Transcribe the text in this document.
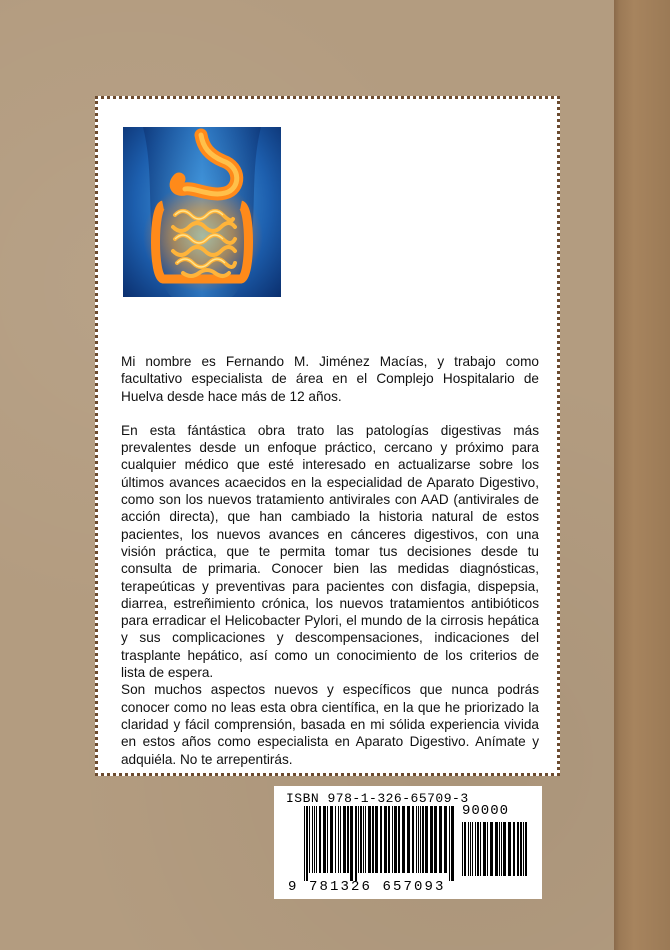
Mi nombre es Fernando M. Jiménez Macías, y trabajo como facultativo especialista de área en el Complejo Hospitalario de Huelva desde hace más de 12 años.

En esta fántástica obra trato las patologías digestivas más prevalentes desde un enfoque práctico, cercano y próximo para cualquier médico que esté interesado en actualizarse sobre los últimos avances acaecidos en la especialidad de Aparato Digestivo, como son los nuevos tratamiento antivirales con AAD (antivirales de acción directa), que han cambiado la historia natural de estos pacientes, los nuevos avances en cánceres digestivos, con una visión práctica, que te permita tomar tus decisiones desde tu consulta de primaria. Conocer bien las medidas diagnósticas, terapeúticas y preventivas para pacientes con disfagia, dispepsia, diarrea, estreñimiento crónica, los nuevos tratamientos antibióticos para erradicar el Helicobacter Pylori, el mundo de la cirrosis hepática y sus complicaciones y descompensaciones, indicaciones del trasplante hepático, así como un conocimiento de los criterios de lista de espera.

Son muchos aspectos nuevos y específicos que nunca podrás conocer como no leas esta obra científica, en la que he priorizado la claridad y fácil comprensión, basada en mi sólida experiencia vivida en estos años como especialista en Aparato Digestivo. Anímate y adquiéla. No te arrepentirás.

ISBN 978-1-326-65709-3
90000
9 781326 657093
